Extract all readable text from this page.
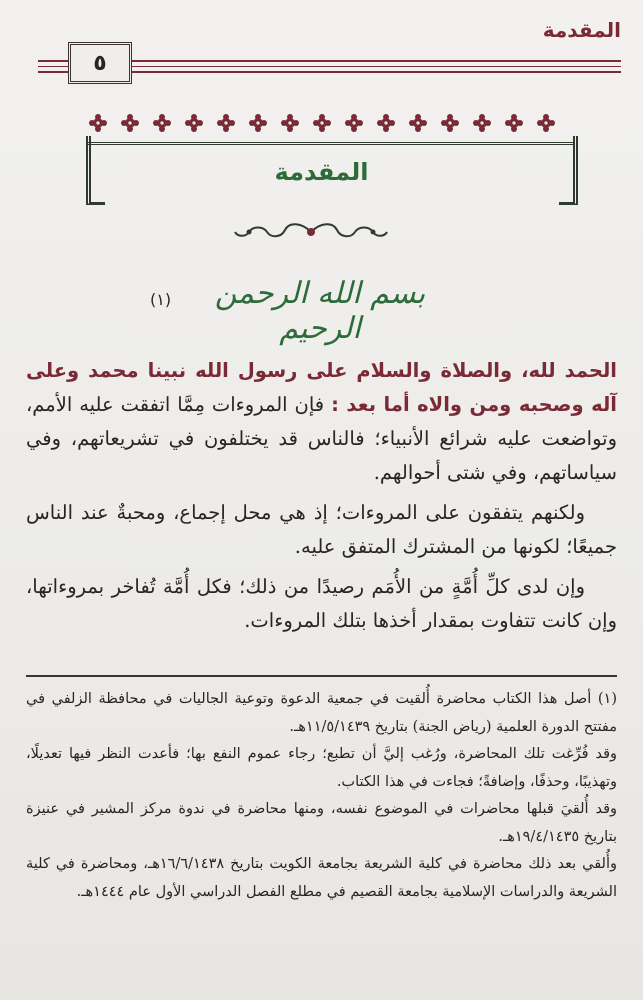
المقدمة
٥
المقدمة
بسم الله الرحمن الرحيم
(١)

الحمد لله، والصلاة والسلام على رسول الله نبينا محمد وعلى آله وصحبه ومن والاه أما بعد : فإن المروءات مِمَّا اتفقت عليه الأمم، وتواضعت عليه شرائع الأنبياء؛ فالناس قد يختلفون في تشريعاتهم، وفي سياساتهم، وفي شتى أحوالهم.

ولكنهم يتفقون على المروءات؛ إذ هي محل إجماع، ومحبةٌ عند الناس جميعًا؛ لكونها من المشترك المتفق عليه.

وإن لدى كلِّ أُمَّةٍ من الأُمَم رصيدًا من ذلك؛ فكل أُمَّة تُفاخر بمروءاتها، وإن كانت تتفاوت بمقدار أخذها بتلك المروءات.

(١) أصل هذا الكتاب محاضرة أُلقيت في جمعية الدعوة وتوعية الجاليات في محافظة الزلفي في مفتتح الدورة العلمية (رياض الجنة) بتاريخ ١١/٥/١٤٣٩هـ.

وقد فُرِّغت تلك المحاضرة، ورُغب إليَّ أن تطبع؛ رجاء عموم النفع بها؛ فأعدت النظر فيها تعديلًا، وتهذيبًا، وحذفًا، وإضافةً؛ فجاءت في هذا الكتاب.

وقد أُلقيَ قبلها محاضرات في الموضوع نفسه، ومنها محاضرة في ندوة مركز المشير في عنيزة بتاريخ ١٩/٤/١٤٣٥هـ.

وأُلقي بعد ذلك محاضرة في كلية الشريعة بجامعة الكويت بتاريخ ١٦/٦/١٤٣٨هـ، ومحاضرة في كلية الشريعة والدراسات الإسلامية بجامعة القصيم في مطلع الفصل الدراسي الأول عام ١٤٤٤هـ.
